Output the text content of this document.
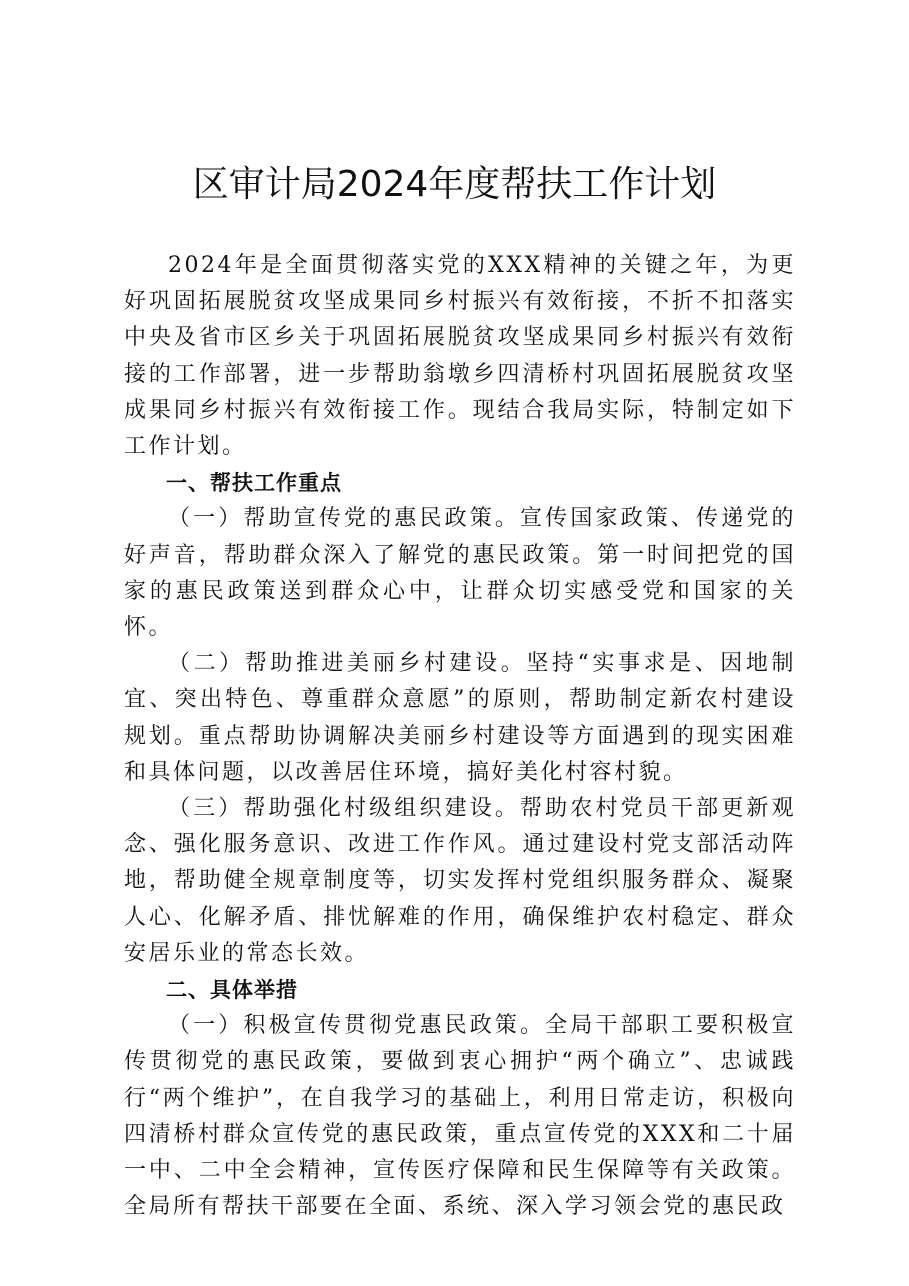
区审计局2024年度帮扶工作计划

2024年是全面贯彻落实党的XXX精神的关键之年，为更好巩固拓展脱贫攻坚成果同乡村振兴有效衔接，不折不扣落实中央及省市区乡关于巩固拓展脱贫攻坚成果同乡村振兴有效衔接的工作部署，进一步帮助翁墩乡四清桥村巩固拓展脱贫攻坚成果同乡村振兴有效衔接工作。现结合我局实际，特制定如下工作计划。

一、帮扶工作重点

（一）帮助宣传党的惠民政策。宣传国家政策、传递党的好声音，帮助群众深入了解党的惠民政策。第一时间把党的国家的惠民政策送到群众心中，让群众切实感受党和国家的关怀。

（二）帮助推进美丽乡村建设。坚持“实事求是、因地制宜、突出特色、尊重群众意愿”的原则，帮助制定新农村建设规划。重点帮助协调解决美丽乡村建设等方面遇到的现实困难和具体问题，以改善居住环境，搞好美化村容村貌。

（三）帮助强化村级组织建设。帮助农村党员干部更新观念、强化服务意识、改进工作作风。通过建设村党支部活动阵地，帮助健全规章制度等，切实发挥村党组织服务群众、凝聚人心、化解矛盾、排忧解难的作用，确保维护农村稳定、群众安居乐业的常态长效。

二、具体举措

（一）积极宣传贯彻党惠民政策。全局干部职工要积极宣传贯彻党的惠民政策，要做到衷心拥护“两个确立”、忠诚践行“两个维护”，在自我学习的基础上，利用日常走访，积极向四清桥村群众宣传党的惠民政策，重点宣传党的XXX和二十届一中、二中全会精神，宣传医疗保障和民生保障等有关政策。全局所有帮扶干部要在全面、系统、深入学习领会党的惠民政
